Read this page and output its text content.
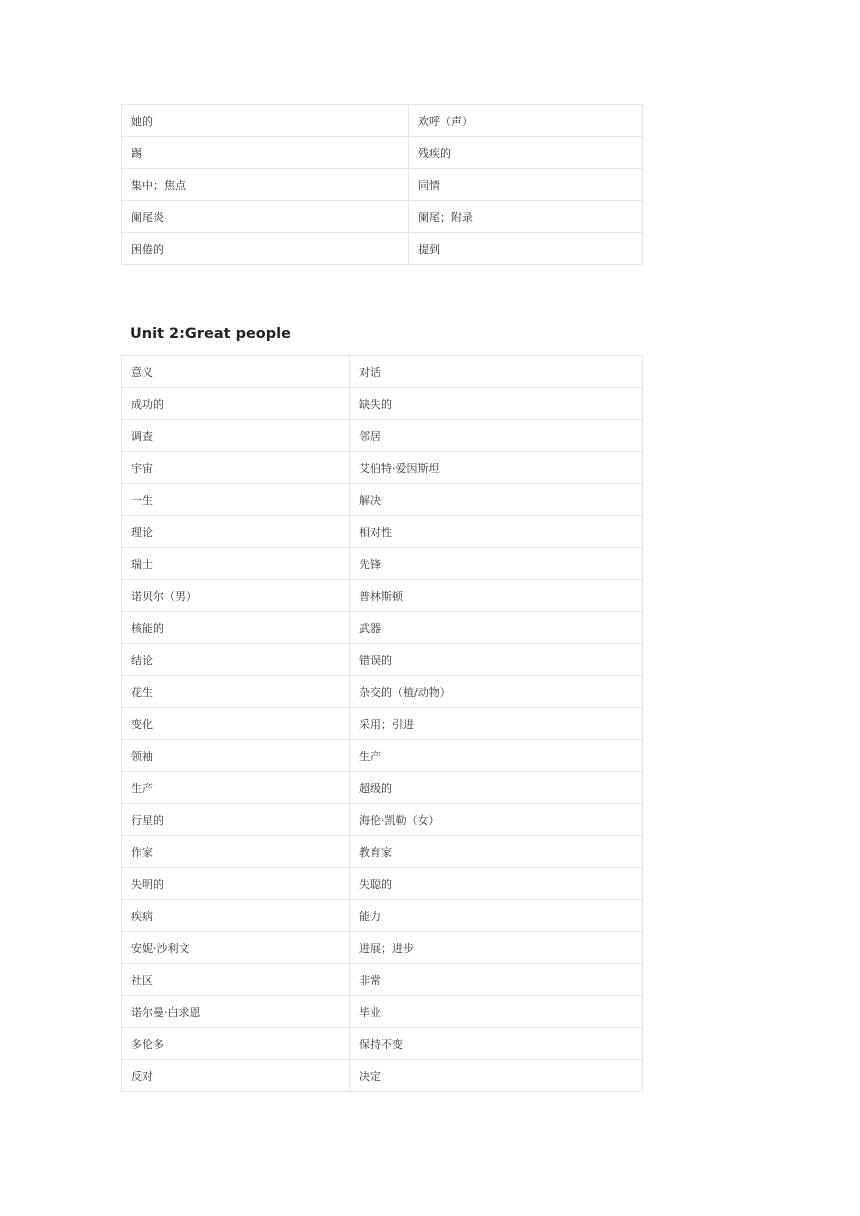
她的	欢呼（声）
踢	残疾的
集中；焦点	同情
阑尾炎	阑尾；附录
困倦的	提到
Unit 2:Great people
意义	对话
成功的	缺失的
调查	邻居
宇宙	艾伯特·爱因斯坦
一生	解决
理论	相对性
瑞士	先锋
诺贝尔（男）	普林斯顿
核能的	武器
结论	错误的
花生	杂交的（植/动物）
变化	采用；引进
领袖	生产
生产	超级的
行星的	海伦·凯勒（女）
作家	教育家
失明的	失聪的
疾病	能力
安妮·沙利文	进展；进步
社区	非常
诺尔曼·白求恩	毕业
多伦多	保持不变
反对	决定
